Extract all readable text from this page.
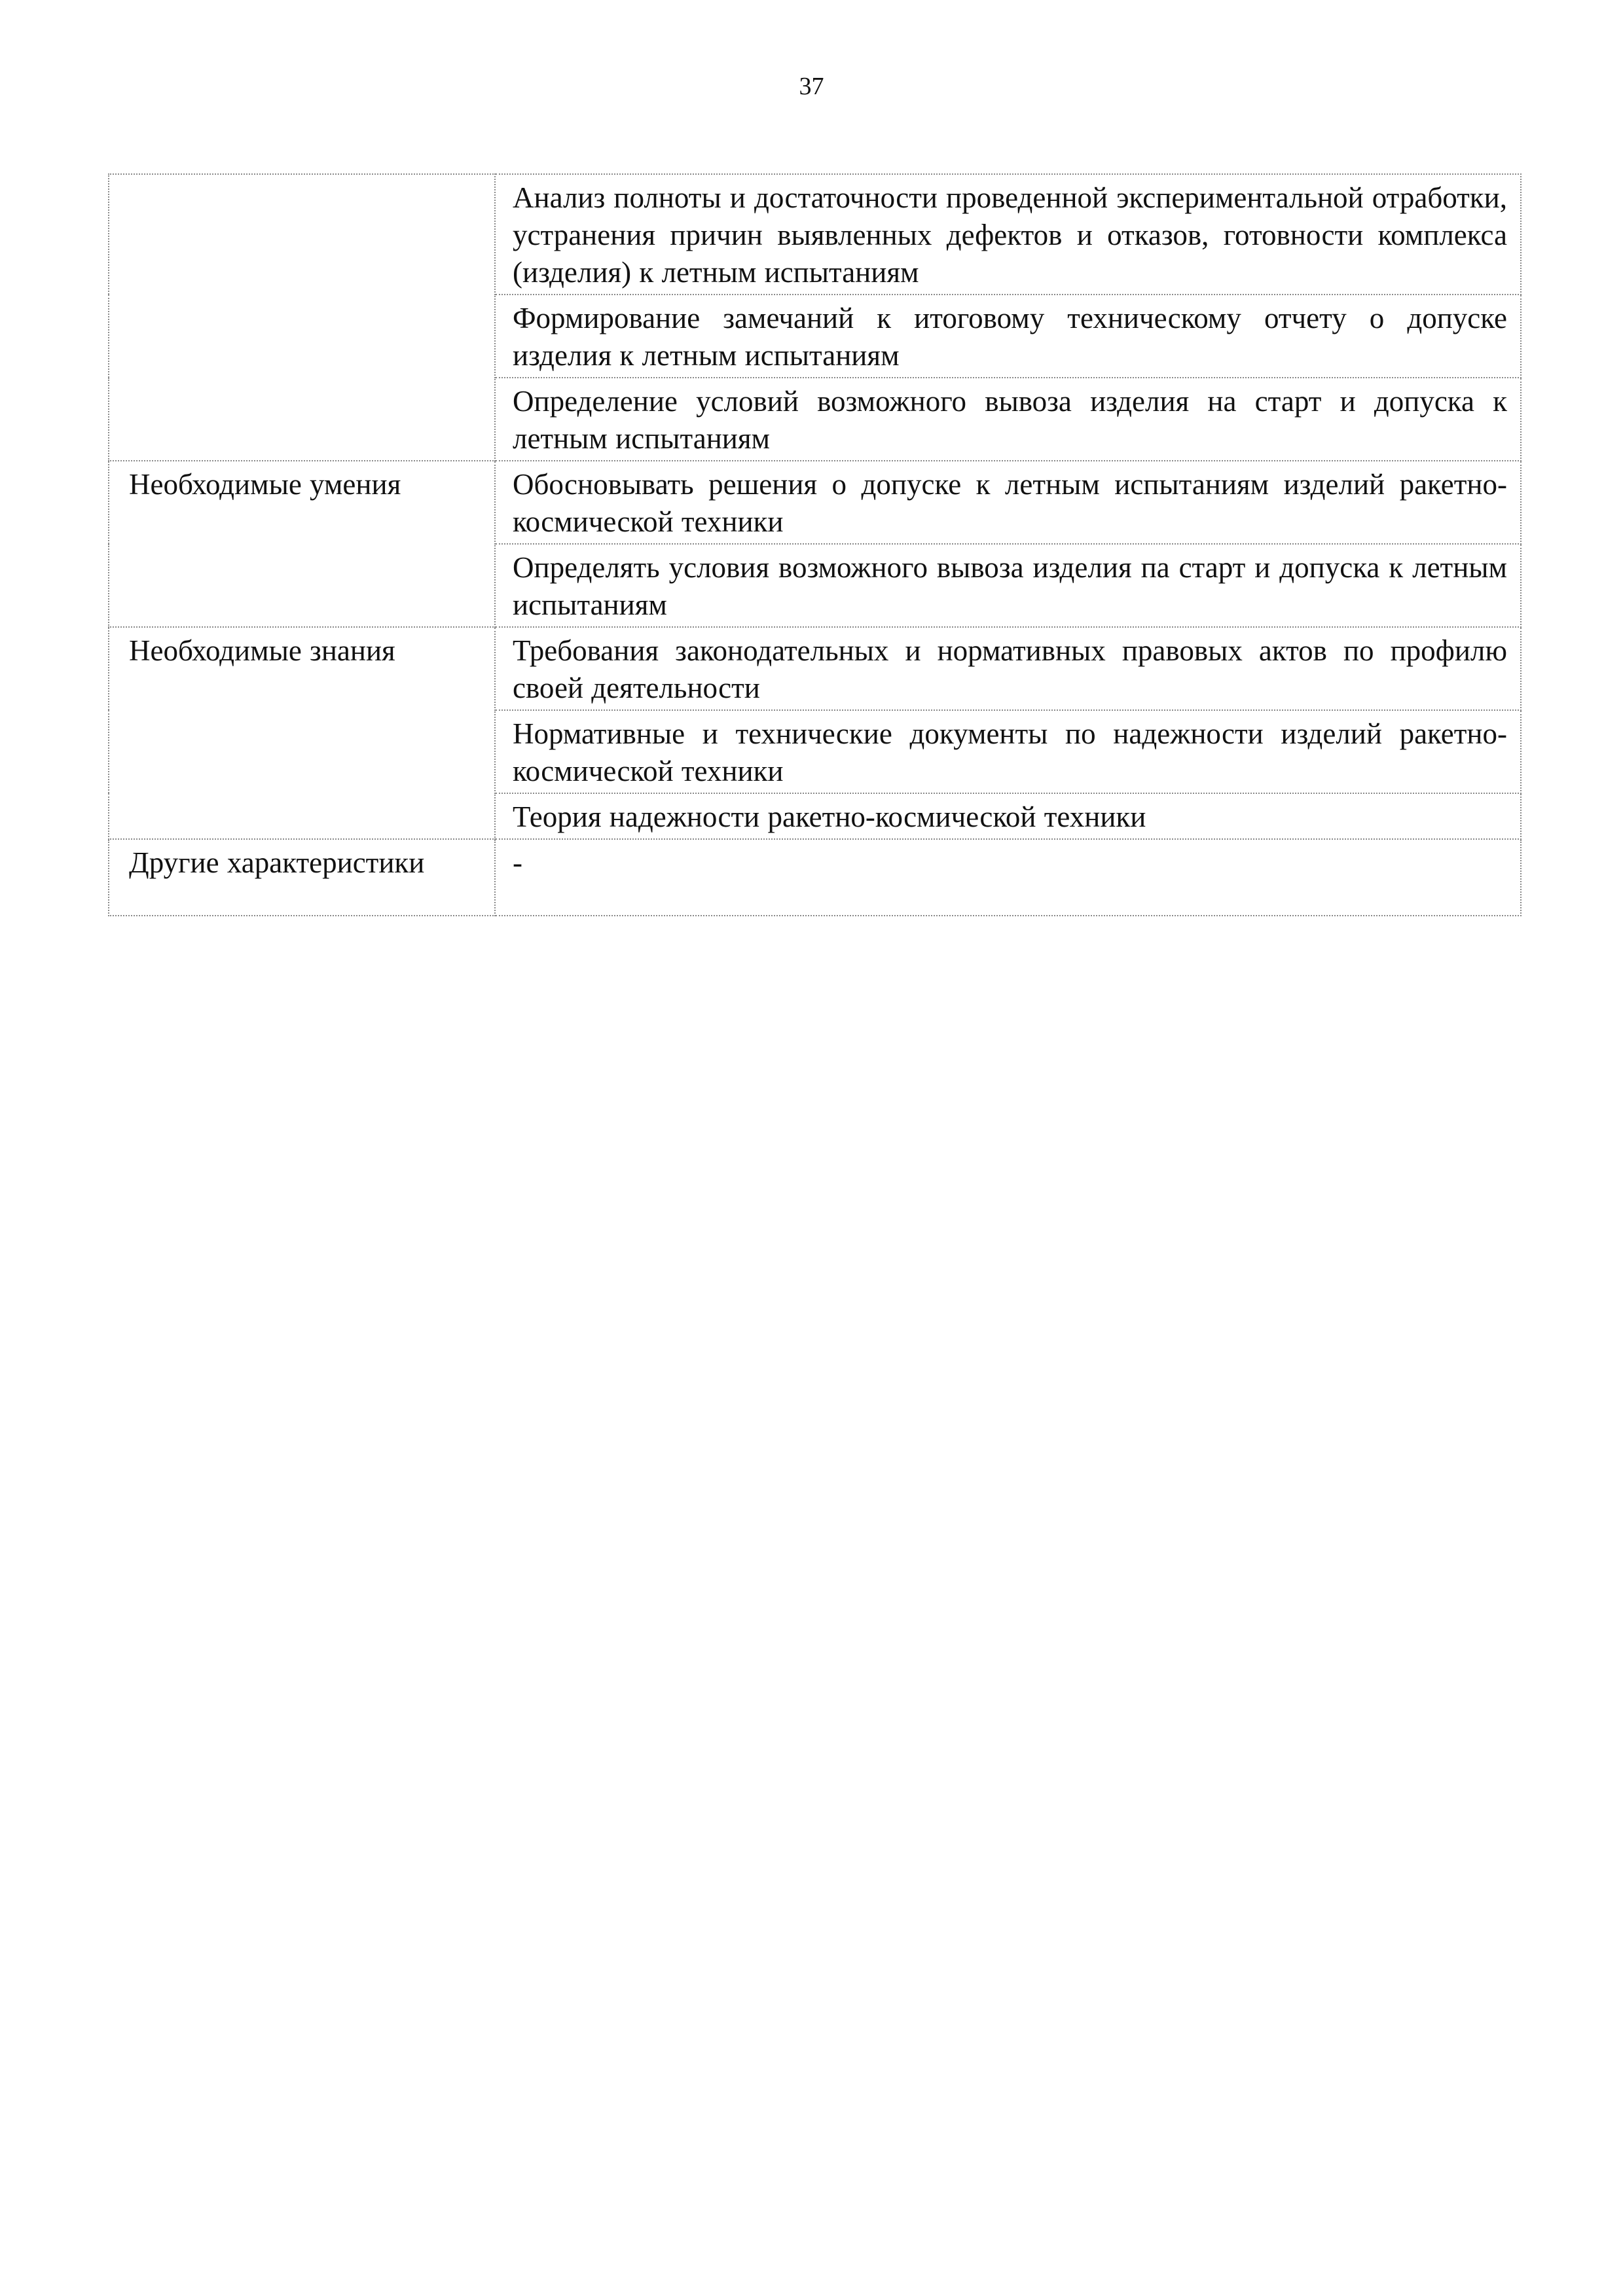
37
	Анализ полноты и достаточности проведенной экспериментальной отработки, устранения причин выявленных дефектов и отказов, готовности комплекса (изделия) к летным испытаниям
	Формирование замечаний к итоговому техническому отчету о допуске изделия к летным испытаниям
	Определение условий возможного вывоза изделия на старт и допуска к летным испытаниям
Необходимые умения	Обосновывать решения о допуске к летным испытаниям изделий ракетно-космической техники
	Определять условия возможного вывоза изделия па старт и допуска к летным испытаниям
Необходимые знания	Требования законодательных и нормативных правовых актов по профилю своей деятельности
	Нормативные и технические документы по надежности изделий ракетно-космической техники
	Теория надежности ракетно-космической техники
Другие характеристики	-
